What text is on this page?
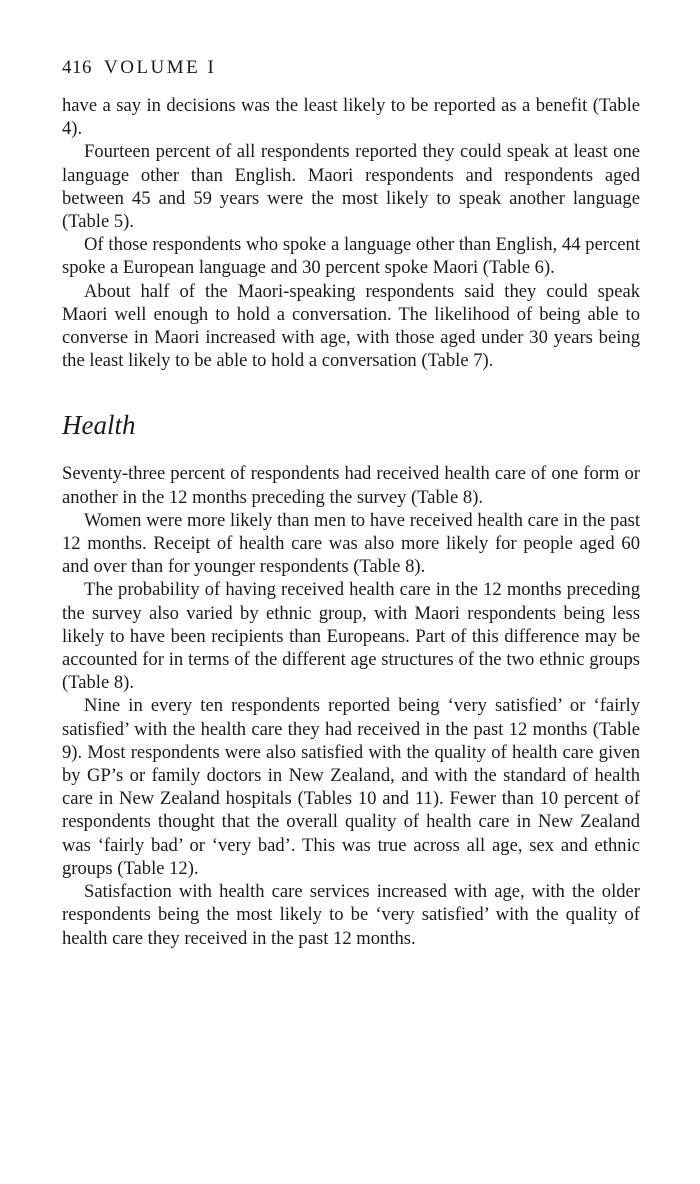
416 VOLUME I

have a say in decisions was the least likely to be reported as a benefit (Table 4).

Fourteen percent of all respondents reported they could speak at least one language other than English. Maori respondents and respondents aged between 45 and 59 years were the most likely to speak another language (Table 5).

Of those respondents who spoke a language other than English, 44 percent spoke a European language and 30 percent spoke Maori (Table 6).

About half of the Maori-speaking respondents said they could speak Maori well enough to hold a conversation. The likelihood of being able to converse in Maori increased with age, with those aged under 30 years being the least likely to be able to hold a conversation (Table 7).

Health

Seventy-three percent of respondents had received health care of one form or another in the 12 months preceding the survey (Table 8).

Women were more likely than men to have received health care in the past 12 months. Receipt of health care was also more likely for people aged 60 and over than for younger respondents (Table 8).

The probability of having received health care in the 12 months preceding the survey also varied by ethnic group, with Maori respondents being less likely to have been recipients than Europeans. Part of this difference may be accounted for in terms of the different age structures of the two ethnic groups (Table 8).

Nine in every ten respondents reported being ‘very satisfied’ or ‘fairly satisfied’ with the health care they had received in the past 12 months (Table 9). Most respondents were also satisfied with the quality of health care given by GP’s or family doctors in New Zealand, and with the standard of health care in New Zealand hospitals (Tables 10 and 11). Fewer than 10 percent of respondents thought that the overall quality of health care in New Zealand was ‘fairly bad’ or ‘very bad’. This was true across all age, sex and ethnic groups (Table 12).

Satisfaction with health care services increased with age, with the older respondents being the most likely to be ‘very satisfied’ with the quality of health care they received in the past 12 months.
